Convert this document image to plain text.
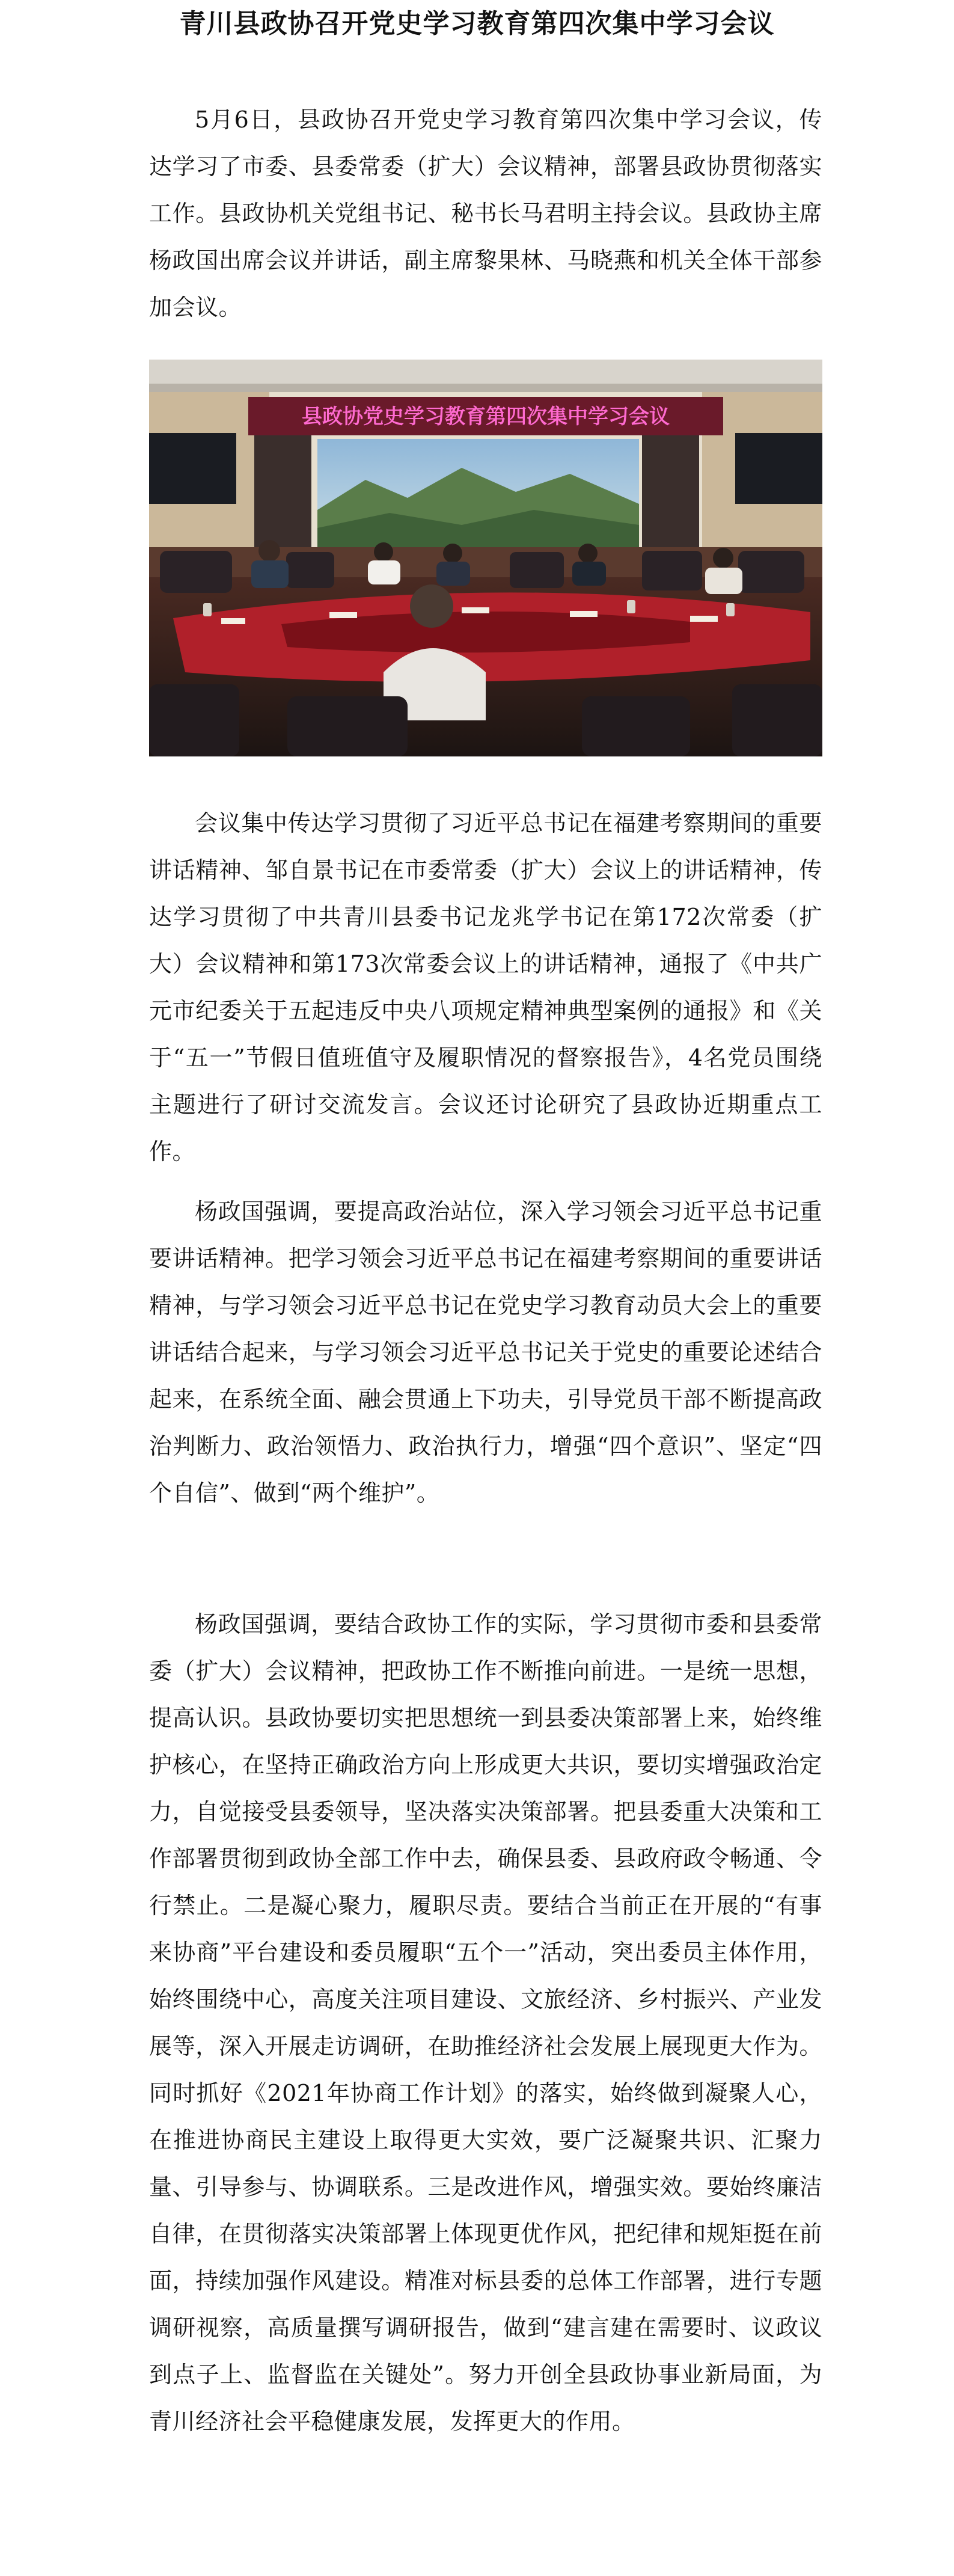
青川县政协召开党史学习教育第四次集中学习会议

5月6日，县政协召开党史学习教育第四次集中学习会议，传达学习了市委、县委常委（扩大）会议精神，部署县政协贯彻落实工作。县政协机关党组书记、秘书长马君明主持会议。县政协主席杨政国出席会议并讲话，副主席黎果林、马晓燕和机关全体干部参加会议。

县政协党史学习教育第四次集中学习会议

会议集中传达学习贯彻了习近平总书记在福建考察期间的重要讲话精神、邹自景书记在市委常委（扩大）会议上的讲话精神，传达学习贯彻了中共青川县委书记龙兆学书记在第172次常委（扩大）会议精神和第173次常委会议上的讲话精神，通报了《中共广元市纪委关于五起违反中央八项规定精神典型案例的通报》和《关于“五一”节假日值班值守及履职情况的督察报告》，4名党员围绕主题进行了研讨交流发言。会议还讨论研究了县政协近期重点工作。

杨政国强调，要提高政治站位，深入学习领会习近平总书记重要讲话精神。把学习领会习近平总书记在福建考察期间的重要讲话精神，与学习领会习近平总书记在党史学习教育动员大会上的重要讲话结合起来，与学习领会习近平总书记关于党史的重要论述结合起来，在系统全面、融会贯通上下功夫，引导党员干部不断提高政治判断力、政治领悟力、政治执行力，增强“四个意识”、坚定“四个自信”、做到“两个维护”。

杨政国强调，要结合政协工作的实际，学习贯彻市委和县委常委（扩大）会议精神，把政协工作不断推向前进。一是统一思想，提高认识。县政协要切实把思想统一到县委决策部署上来，始终维护核心，在坚持正确政治方向上形成更大共识，要切实增强政治定力，自觉接受县委领导，坚决落实决策部署。把县委重大决策和工作部署贯彻到政协全部工作中去，确保县委、县政府政令畅通、令行禁止。二是凝心聚力，履职尽责。要结合当前正在开展的“有事来协商”平台建设和委员履职“五个一”活动，突出委员主体作用，始终围绕中心，高度关注项目建设、文旅经济、乡村振兴、产业发展等，深入开展走访调研，在助推经济社会发展上展现更大作为。同时抓好《2021年协商工作计划》的落实，始终做到凝聚人心，在推进协商民主建设上取得更大实效，要广泛凝聚共识、汇聚力量、引导参与、协调联系。三是改进作风，增强实效。要始终廉洁自律，在贯彻落实决策部署上体现更优作风，把纪律和规矩挺在前面，持续加强作风建设。精准对标县委的总体工作部署，进行专题调研视察，高质量撰写调研报告，做到“建言建在需要时、议政议到点子上、监督监在关键处”。努力开创全县政协事业新局面，为青川经济社会平稳健康发展，发挥更大的作用。
